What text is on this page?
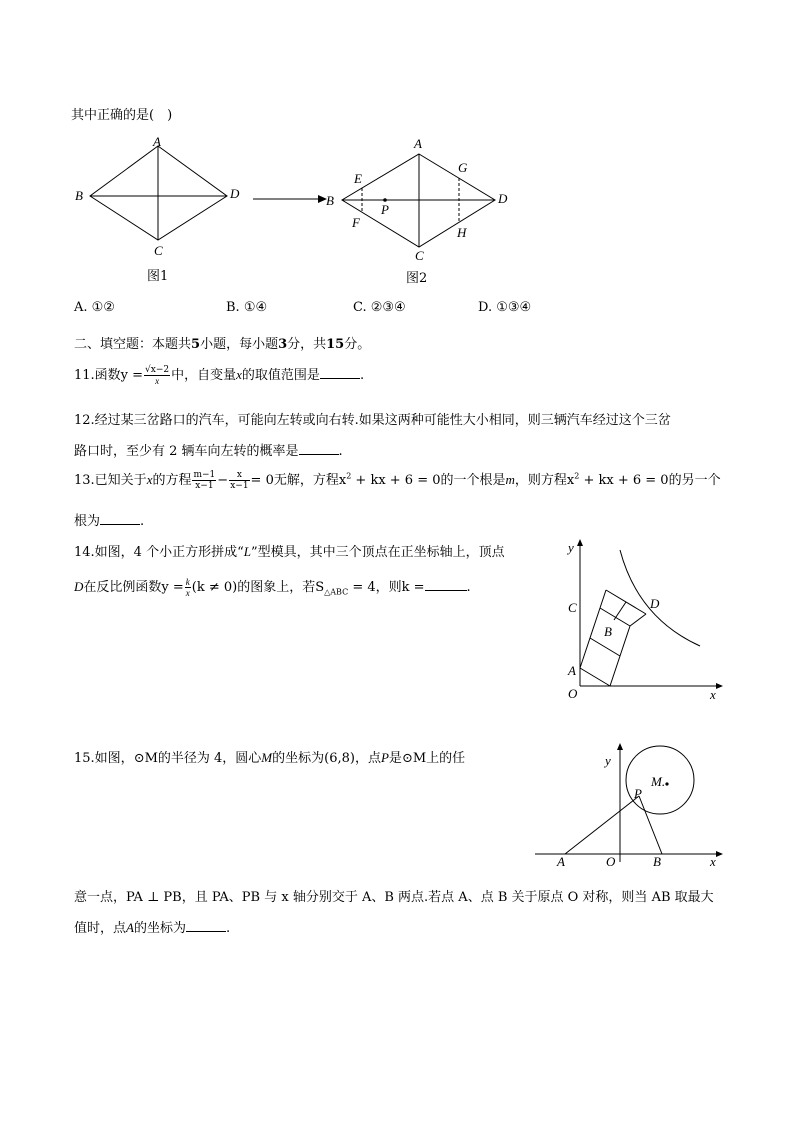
其中正确的是(　)
A
B
C
D
图1
A
B
C
D
E
F
G
H
P
图2
A. ①②	B. ①④	C. ②③④	D. ①③④
二、填空题：本题共5小题，每小题3分，共15分。
11.函数$y = \frac{√x-2}{x}$ 中，自变量x的取值范围是	.
12.经过某三岔路口的汽车，可能向左转或向右转.如果这两种可能性大小相同，则三辆汽车经过这个三岔
路口时，至少有 2 辆车向左转的概率是	.
13.已知关于x的方程 $\frac{m-1}{x-1} - \frac{x}{x-1} = 0$无解，方程$x^2$ + kx + 6 = 0的一个根是m，则方程$x^2$ + kx + 6 = 0的另一个
根为	.
14.如图，4 个小正方形拼成“L”型模具，其中三个顶点在正坐标轴上，顶点
D在反比例函数$y = \frac{k}{x} (k \ne 0)$的图象上，若$S_{\triangle ABC} = 4$，则k =	.
y
x
O
A
B
C	D
15.如图，⊙M的半径为 4，圆心M的坐标为(6,8)，点P是⊙M上的任	y
x
O
A	B
P
M.
意一点，PA ⊥ PB，且 PA、PB 与 x 轴分别交于 A、B 两点.若点 A、点 B 关于原点 O 对称，则当 AB 取最大
值时，点A的坐标为	.
